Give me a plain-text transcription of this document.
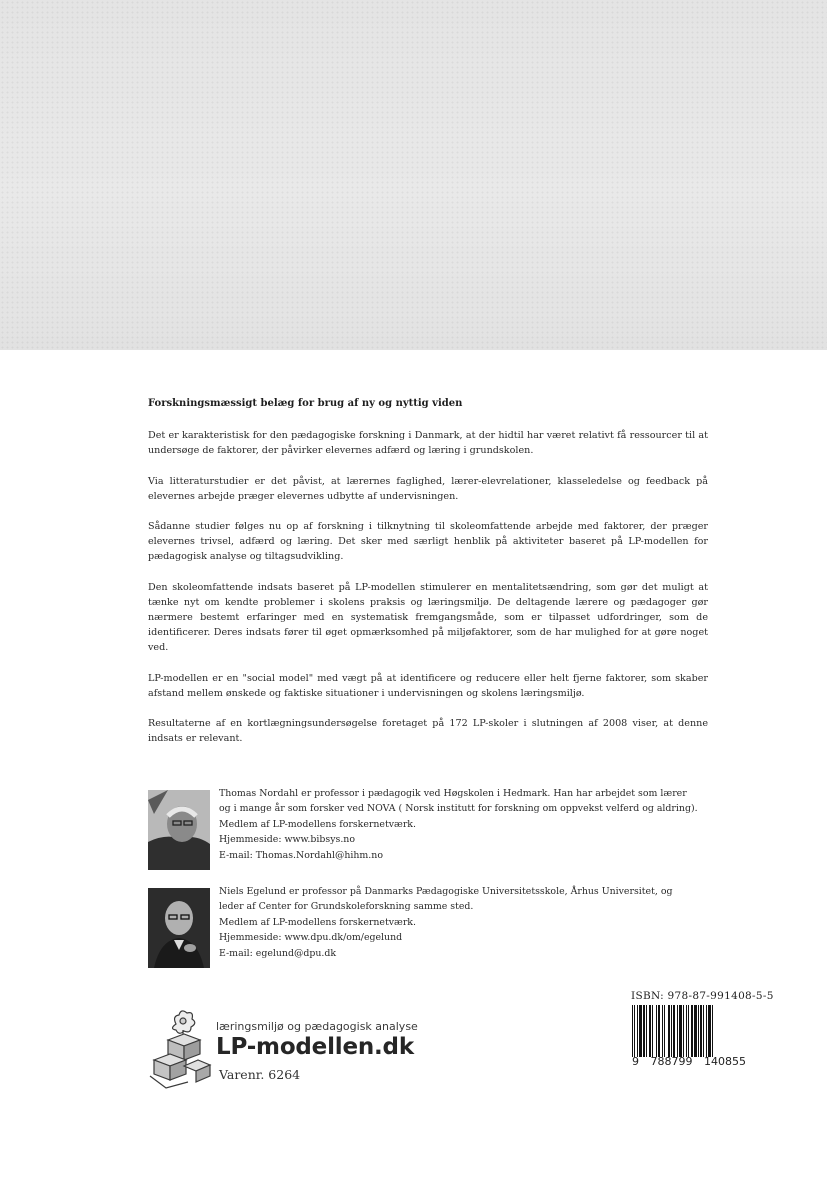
Forskningsmæssigt belæg for brug af ny og nyttig viden

Det er karakteristisk for den pædagogiske forskning i Danmark, at der hidtil har været relativt få ressourcer til at undersøge de faktorer, der påvirker elevernes adfærd og læring i grundskolen.

Via litteraturstudier er det påvist, at lærernes faglighed, lærer-elevrelationer, klasseledelse og feedback på elevernes arbejde præger elevernes udbytte af undervisningen.

Sådanne studier følges nu op af forskning i tilknytning til skoleomfattende arbejde med faktorer, der præger elevernes trivsel, adfærd og læring. Det sker med særligt henblik på aktiviteter baseret på LP-modellen for pædagogisk analyse og tiltagsudvikling.

Den skoleomfattende indsats baseret på LP-modellen stimulerer en mentalitetsændring, som gør det muligt at tænke nyt om kendte problemer i skolens praksis og læringsmiljø. De deltagende lærere og pædagoger gør nærmere bestemt erfaringer med en systematisk fremgangsmåde, som er tilpasset udfordringer, som de identificerer. Deres indsats fører til øget opmærksomhed på miljøfaktorer, som de har mulighed for at gøre noget ved.

LP-modellen er en "social model" med vægt på at identificere og reducere eller helt fjerne faktorer, som skaber afstand mellem ønskede og faktiske situationer i undervisningen og skolens læringsmiljø.

Resultaterne af en kortlægningsundersøgelse foretaget på 172 LP-skoler i slutningen af 2008 viser, at denne indsats er relevant.

Thomas Nordahl er professor i pædagogik ved Høgskolen i Hedmark. Han har arbejdet som lærer og i mange år som forsker ved NOVA ( Norsk institutt for forskning om oppvekst velferd og aldring).
Medlem af LP-modellens forskernetværk.
Hjemmeside: www.bibsys.no
E-mail: Thomas.Nordahl@hihm.no
Niels Egelund er professor på Danmarks Pædagogiske Universitetsskole, Århus Universitet, og leder af Center for Grundskoleforskning samme sted.
Medlem af LP-modellens forskernetværk.
Hjemmeside: www.dpu.dk/om/egelund
E-mail: egelund@dpu.dk
læringsmiljø og pædagogisk analyse
LP-modellen.dk
Varenr. 6264
ISBN: 978-87-991408-5-5
9 788799 140855
